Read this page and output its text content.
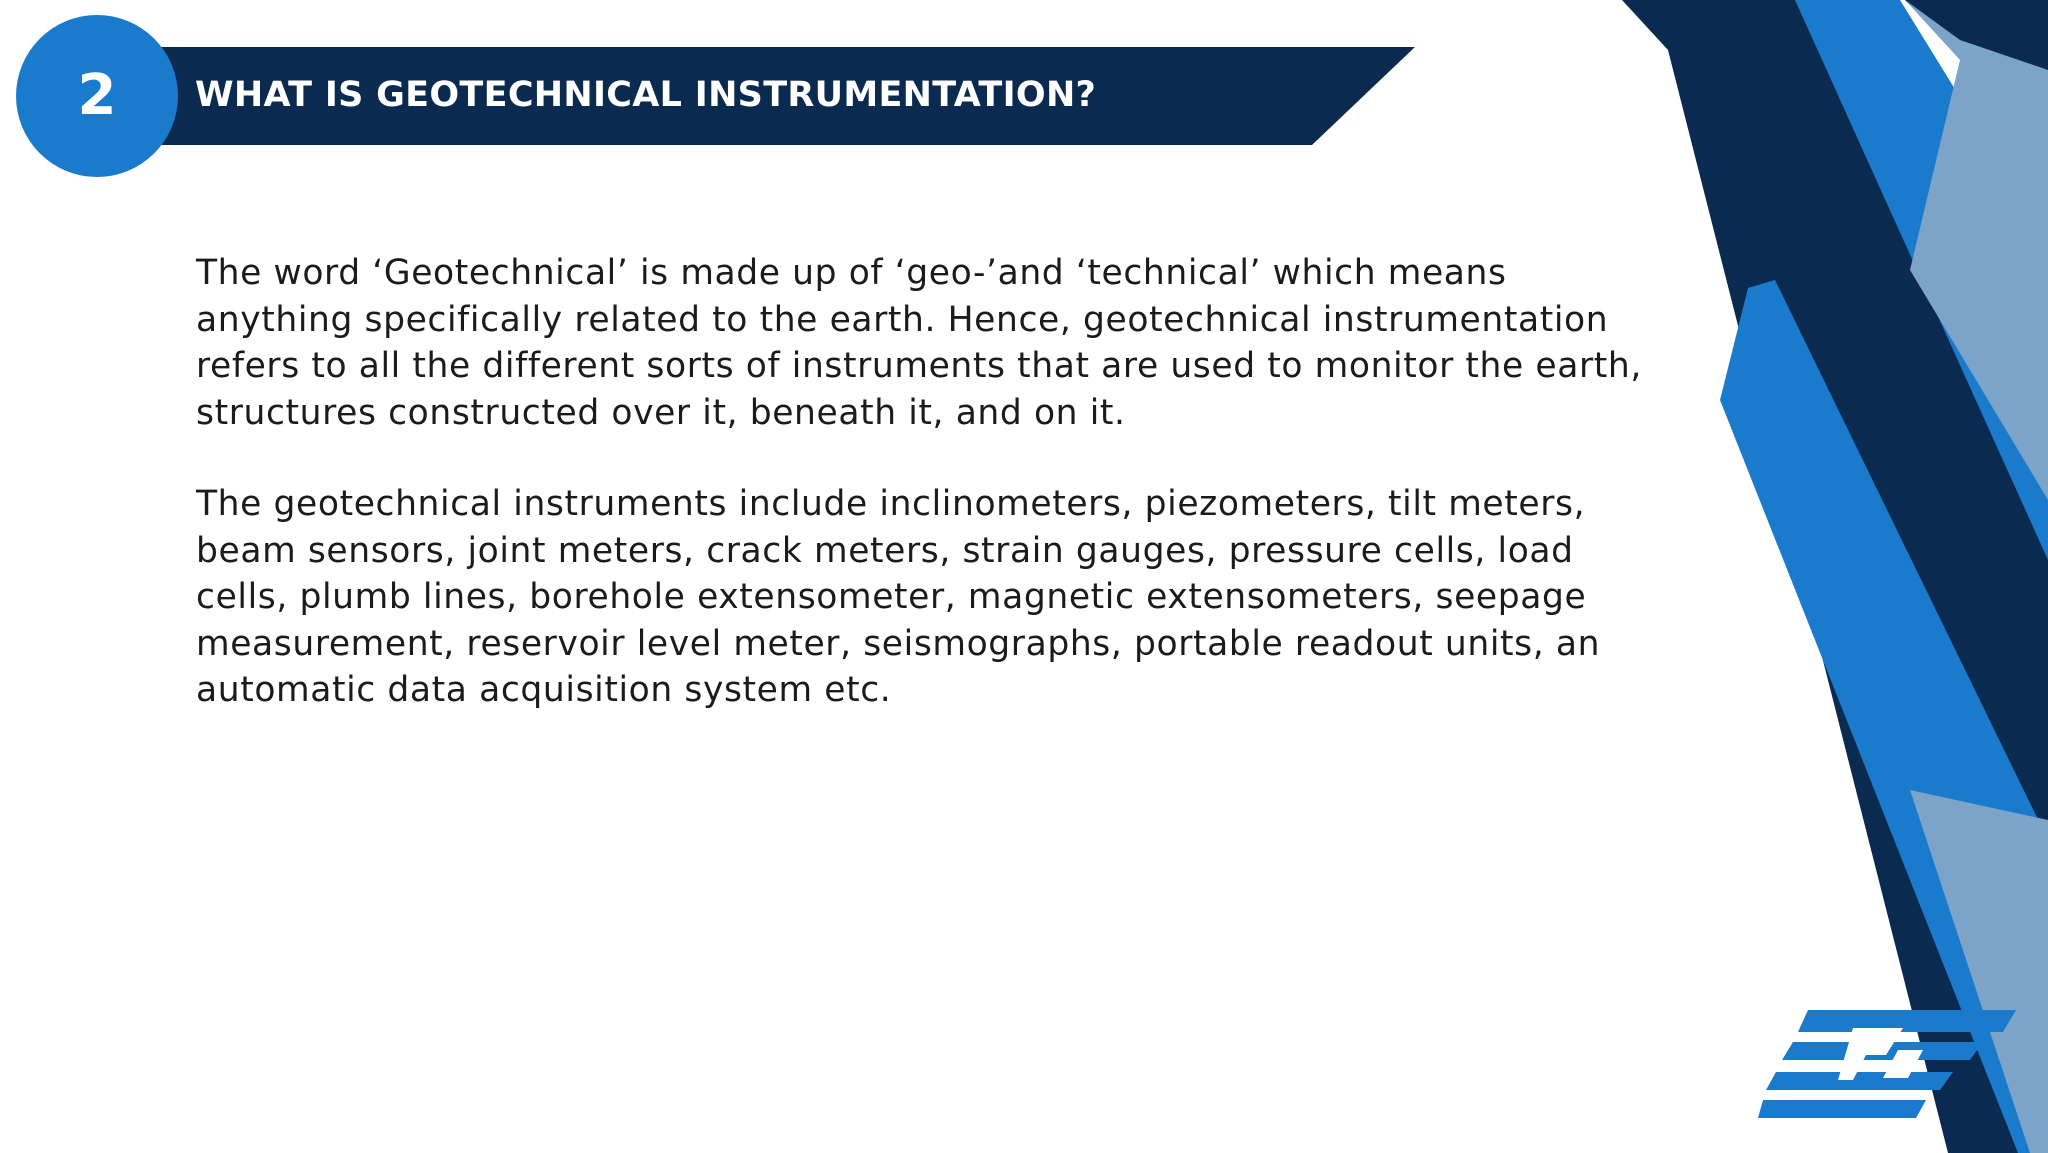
2	WHAT IS GEOTECHNICAL INSTRUMENTATION?

The word ‘Geotechnical’ is made up of ‘geo-’and ‘technical’ which means anything specifically related to the earth. Hence, geotechnical instrumentation refers to all the different sorts of instruments that are used to monitor the earth, structures constructed over it, beneath it, and on it.

The geotechnical instruments include inclinometers, piezometers, tilt meters, beam sensors, joint meters, crack meters, strain gauges, pressure cells, load cells, plumb lines, borehole extensometer, magnetic extensometers, seepage measurement, reservoir level meter, seismographs, portable readout units, an automatic data acquisition system etc.
